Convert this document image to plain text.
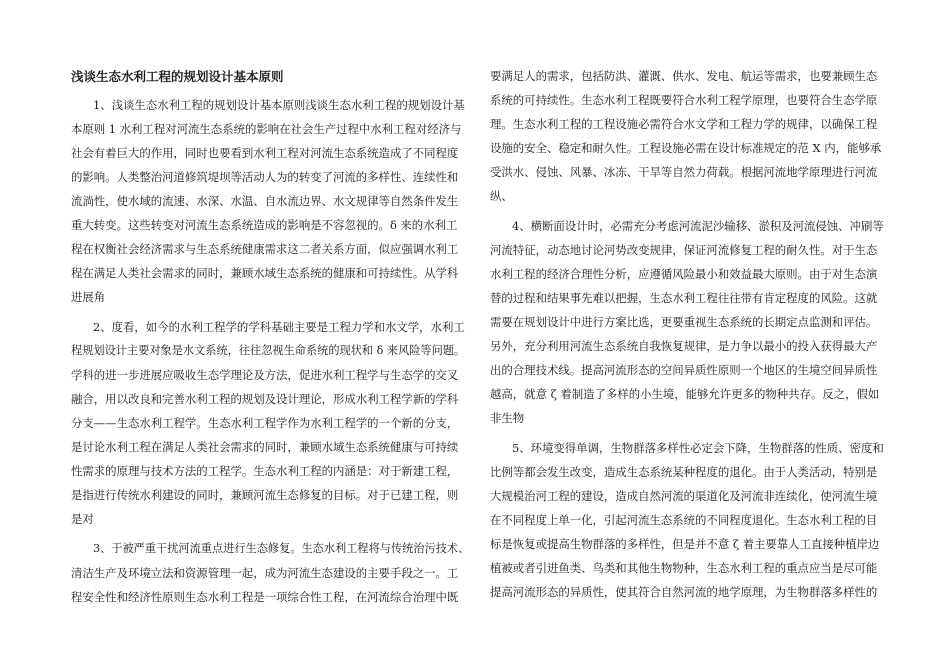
浅谈生态水利工程的规划设计基本原则
1、浅谈生态水利工程的规划设计基本原则浅谈生态水利工程的规划设计基
本原则 1 水利工程对河流生态系统的影响在社会生产过程中水利工程对经济与
社会有着巨大的作用，同时也要看到水利工程对河流生态系统造成了不同程度
的影响。人类整治河道修筑堤坝等活动人为的转变了河流的多样性、连续性和
流淌性，使水域的流速、水深、水温、自水流边界、水文规律等自然条件发生
重大转变。这些转变对河流生态系统造成的影响是不容忽视的。δ 来的水利工
程在权衡社会经济需求与生态系统健康需求这二者关系方面，似应强调水利工
程在满足人类社会需求的同时，兼顾水域生态系统的健康和可持续性。从学科
进展角
2、度看，如今的水利工程学的学科基础主要是工程力学和水文学，水利工
程规划设计主要对象是水文系统，往往忽视生命系统的现状和 δ 来风险等问题。
学科的进一步进展应吸收生态学理论及方法，促进水利工程学与生态学的交叉
融合，用以改良和完善水利工程的规划及设计理论，形成水利工程学新的学科
分支——生态水利工程学。生态水利工程学作为水利工程学的一个新的分支，
是讨论水利工程在满足人类社会需求的同时，兼顾水域生态系统健康与可持续
性需求的原理与技术方法的工程学。生态水利工程的内涵是：对于新建工程，
是指进行传统水利建设的同时，兼顾河流生态修复的目标。对于已建工程，则
是对
3、于被严重干扰河流重点进行生态修复。生态水利工程将与传统治污技术、
清洁生产及环境立法和资源管理一起，成为河流生态建设的主要手段之一。工
程安全性和经济性原则生态水利工程是一项综合性工程，在河流综合治理中既
要满足人的需求，包括防洪、灌溉、供水、发电、航运等需求，也要兼顾生态
系统的可持续性。生态水利工程既要符合水利工程学原理，也要符合生态学原
理。生态水利工程的工程设施必需符合水文学和工程力学的规律，以确保工程
设施的安全、稳定和耐久性。工程设施必需在设计标准规定的范 X 内，能够承
受洪水、侵蚀、风暴、冰冻、干旱等自然力荷载。根据河流地学原理进行河流
纵、
4、横断面设计时，必需充分考虑河流泥沙输移、淤积及河流侵蚀、冲刷等
河流特征，动态地讨论河势改变规律，保证河流修复工程的耐久性。对于生态
水利工程的经济合理性分析，应遵循风险最小和效益最大原则。由于对生态演
替的过程和结果事先难以把握，生态水利工程往往带有肯定程度的风险。这就
需要在规划设计中进行方案比选，更要重视生态系统的长期定点监测和评估。
另外，充分利用河流生态系统自我恢复规律，是力争以最小的投入获得最大产
出的合理技术线。提高河流形态的空间异质性原则一个地区的生境空间异质性
越高，就意 ζ 着制造了多样的小生境，能够允许更多的物种共存。反之，假如
非生物
5、环境变得单调，生物群落多样性必定会下降，生物群落的性质、密度和
比例等都会发生改变，造成生态系统某种程度的退化。由于人类活动，特别是
大规模治河工程的建设，造成自然河流的渠道化及河流非连续化，使河流生境
在不同程度上单一化，引起河流生态系统的不同程度退化。生态水利工程的目
标是恢复或提高生物群落的多样性，但是并不意 ζ 着主要靠人工直接种植岸边
植被或者引进鱼类、鸟类和其他生物物种，生态水利工程的重点应当是尽可能
提高河流形态的异质性，使其符合自然河流的地学原理，为生物群落多样性的
